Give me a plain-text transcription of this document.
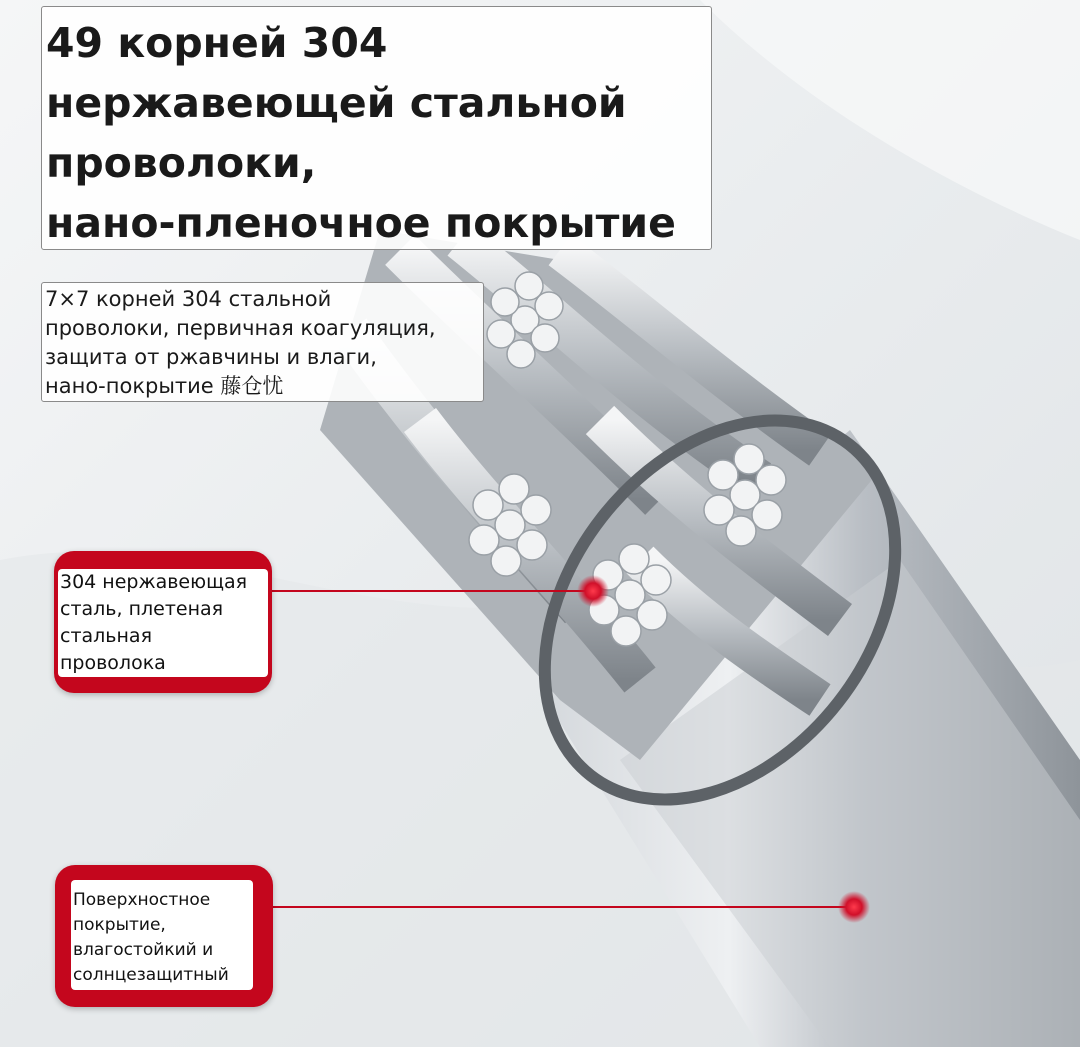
49 корней 304
нержавеющей стальной
проволоки,
нано-пленочное покрытие
7×7 корней 304 стальной
проволоки, первичная коагуляция,
защита от ржавчины и влаги,
нано-покрытие 藤仓忧
304 нержавеющая
сталь, плетеная
стальная
проволока
Поверхностное
покрытие,
влагостойкий и
солнцезащитный
